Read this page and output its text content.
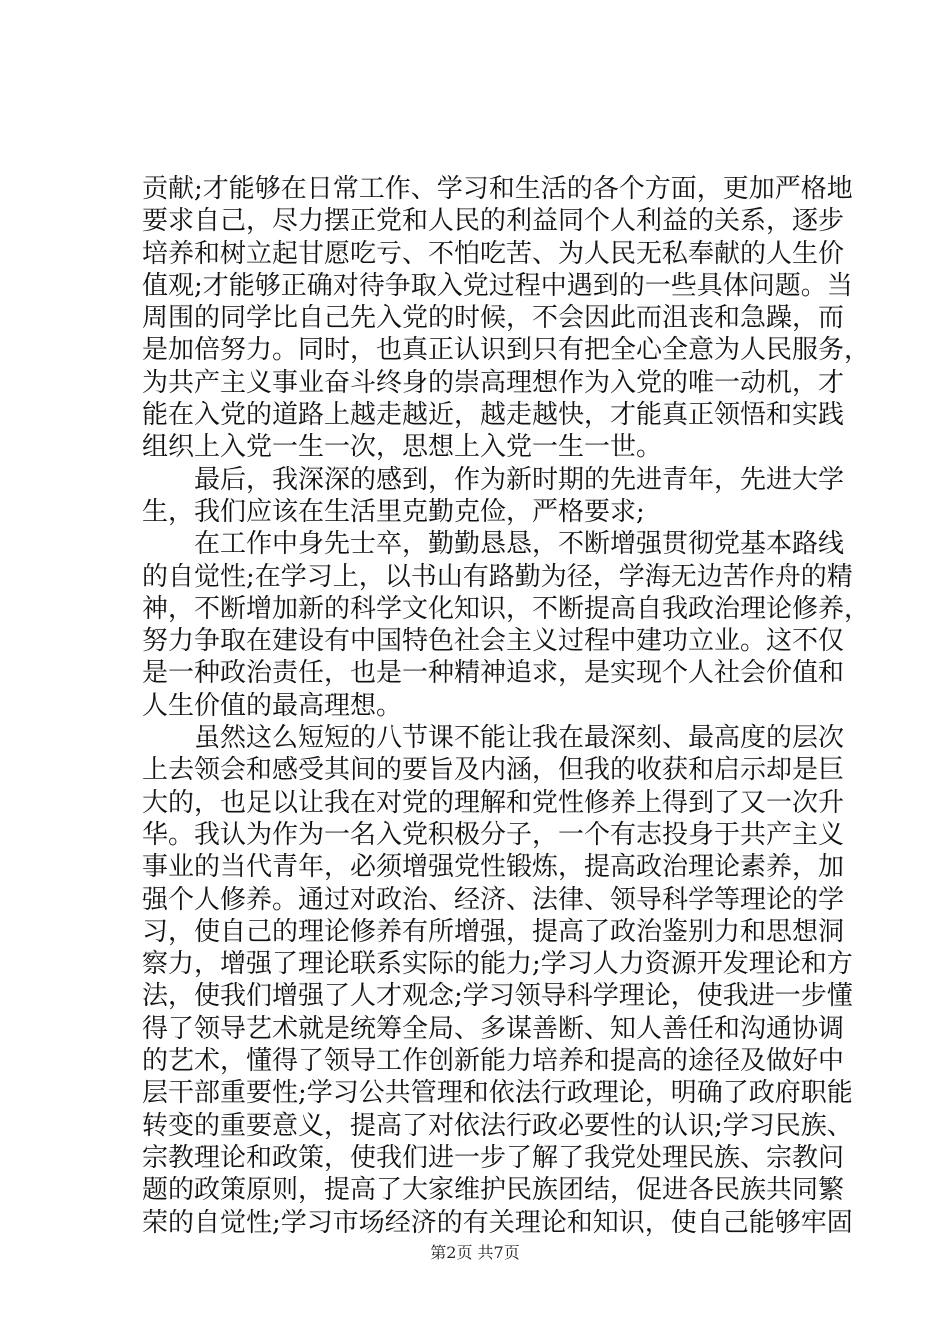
贡献;才能够在日常工作、学习和生活的各个方面，更加严格地
要求自己，尽力摆正党和人民的利益同个人利益的关系，逐步
培养和树立起甘愿吃亏、不怕吃苦、为人民无私奉献的人生价
值观;才能够正确对待争取入党过程中遇到的一些具体问题。当
周围的同学比自己先入党的时候，不会因此而沮丧和急躁，而
是加倍努力。同时，也真正认识到只有把全心全意为人民服务，
为共产主义事业奋斗终身的崇高理想作为入党的唯一动机，才
能在入党的道路上越走越近，越走越快，才能真正领悟和实践
组织上入党一生一次，思想上入党一生一世。
最后，我深深的感到，作为新时期的先进青年，先进大学
生，我们应该在生活里克勤克俭，严格要求;
在工作中身先士卒，勤勤恳恳，不断增强贯彻党基本路线
的自觉性;在学习上，以书山有路勤为径，学海无边苦作舟的精
神，不断增加新的科学文化知识，不断提高自我政治理论修养，
努力争取在建设有中国特色社会主义过程中建功立业。这不仅
是一种政治责任，也是一种精神追求，是实现个人社会价值和
人生价值的最高理想。
虽然这么短短的八节课不能让我在最深刻、最高度的层次
上去领会和感受其间的要旨及内涵，但我的收获和启示却是巨
大的，也足以让我在对党的理解和党性修养上得到了又一次升
华。我认为作为一名入党积极分子，一个有志投身于共产主义
事业的当代青年，必须增强党性锻炼，提高政治理论素养，加
强个人修养。通过对政治、经济、法律、领导科学等理论的学
习，使自己的理论修养有所增强，提高了政治鉴别力和思想洞
察力，增强了理论联系实际的能力;学习人力资源开发理论和方
法，使我们增强了人才观念;学习领导科学理论，使我进一步懂
得了领导艺术就是统筹全局、多谋善断、知人善任和沟通协调
的艺术，懂得了领导工作创新能力培养和提高的途径及做好中
层干部重要性;学习公共管理和依法行政理论，明确了政府职能
转变的重要意义，提高了对依法行政必要性的认识;学习民族、
宗教理论和政策，使我们进一步了解了我党处理民族、宗教问
题的政策原则，提高了大家维护民族团结，促进各民族共同繁
荣的自觉性;学习市场经济的有关理论和知识，使自己能够牢固
第2页 共7页
